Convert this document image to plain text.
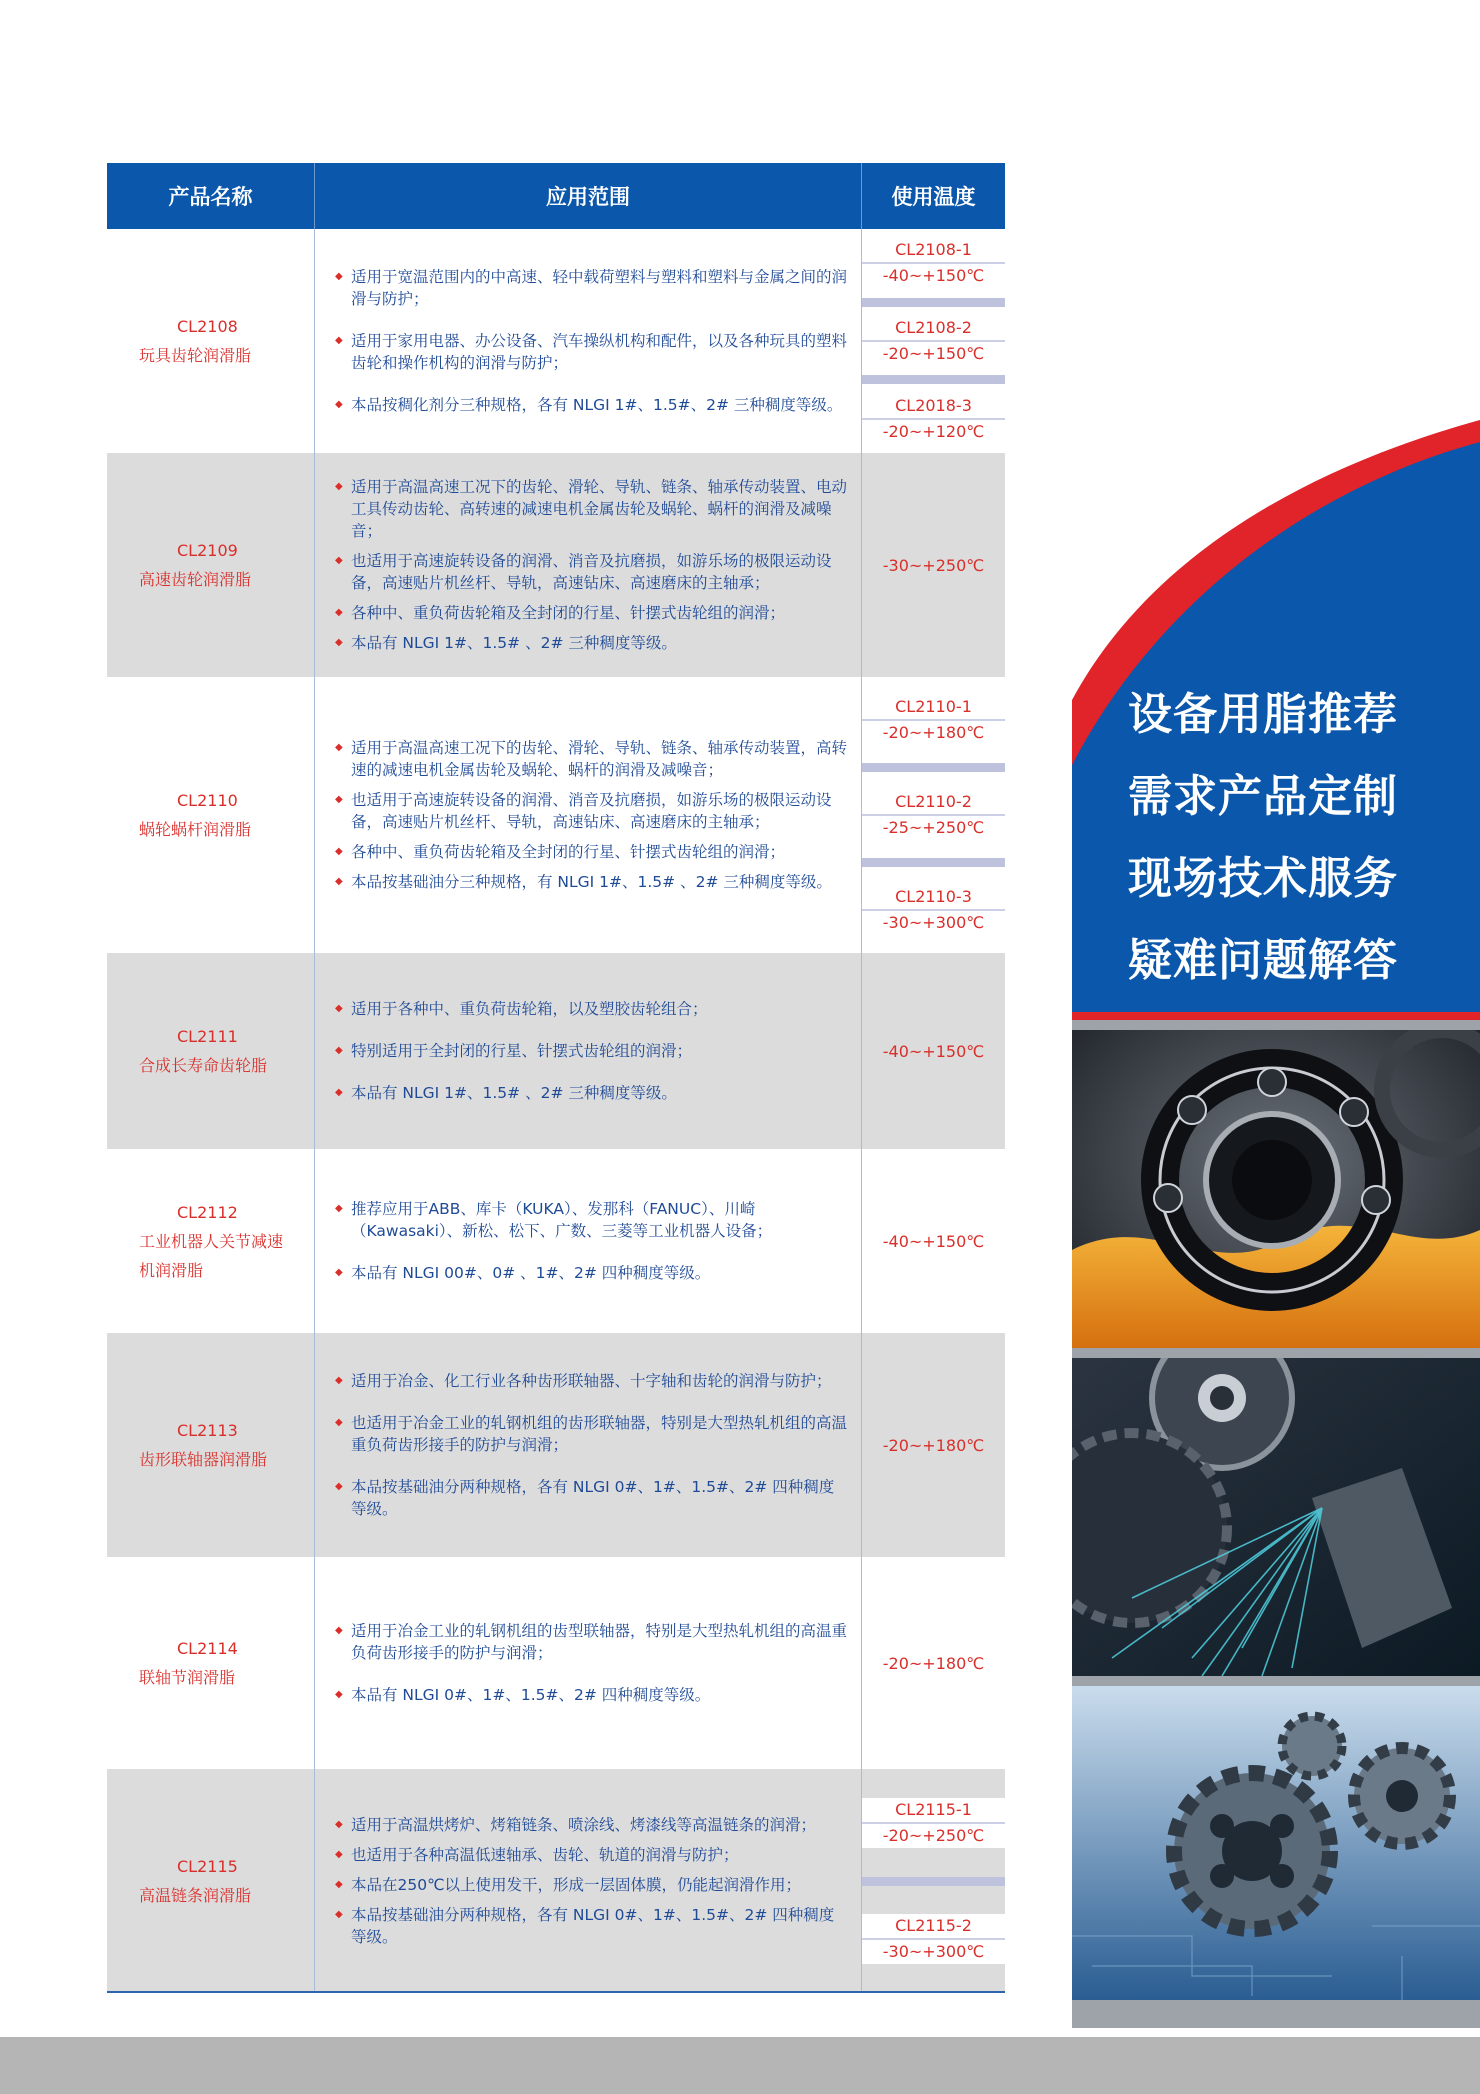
产品名称	应用范围	使用温度
CL2108
玩具齿轮润滑脂
◆ 适用于宽温范围内的中高速、轻中载荷塑料与塑料和塑料与金属之间的润滑与防护；
◆ 适用于家用电器、办公设备、汽车操纵机构和配件，以及各种玩具的塑料齿轮和操作机构的润滑与防护；
◆ 本品按稠化剂分三种规格，各有 NLGI 1#、1.5#、2# 三种稠度等级。
CL2108-1
-40~+150℃
CL2108-2
-20~+150℃
CL2018-3
-20~+120℃
CL2109
高速齿轮润滑脂
◆ 适用于高温高速工况下的齿轮、滑轮、导轨、链条、轴承传动装置、电动工具传动齿轮、高转速的减速电机金属齿轮及蜗轮、蜗杆的润滑及减噪音；
◆ 也适用于高速旋转设备的润滑、消音及抗磨损，如游乐场的极限运动设备，高速贴片机丝杆、导轨，高速钻床、高速磨床的主轴承；
◆ 各种中、重负荷齿轮箱及全封闭的行星、针摆式齿轮组的润滑；
◆ 本品有 NLGI 1#、1.5# 、2# 三种稠度等级。
-30~+250℃
CL2110
蜗轮蜗杆润滑脂
◆ 适用于高温高速工况下的齿轮、滑轮、导轨、链条、轴承传动装置，高转速的减速电机金属齿轮及蜗轮、蜗杆的润滑及减噪音；
◆ 也适用于高速旋转设备的润滑、消音及抗磨损，如游乐场的极限运动设备，高速贴片机丝杆、导轨，高速钻床、高速磨床的主轴承；
◆ 各种中、重负荷齿轮箱及全封闭的行星、针摆式齿轮组的润滑；
◆ 本品按基础油分三种规格，有 NLGI 1#、1.5# 、2# 三种稠度等级。
CL2110-1
-20~+180℃
CL2110-2
-25~+250℃
CL2110-3
-30~+300℃
CL2111
合成长寿命齿轮脂
◆ 适用于各种中、重负荷齿轮箱，以及塑胶齿轮组合；
◆ 特别适用于全封闭的行星、针摆式齿轮组的润滑；
◆ 本品有 NLGI 1#、1.5# 、2# 三种稠度等级。
-40~+150℃
CL2112
工业机器人关节减速机润滑脂
◆ 推荐应用于ABB、库卡（KUKA）、发那科（FANUC）、川崎（Kawasaki）、新松、松下、广数、三菱等工业机器人设备；
◆ 本品有 NLGI 00#、0# 、1#、2# 四种稠度等级。
-40~+150℃
CL2113
齿形联轴器润滑脂
◆ 适用于冶金、化工行业各种齿形联轴器、十字轴和齿轮的润滑与防护；
◆ 也适用于冶金工业的轧钢机组的齿形联轴器，特别是大型热轧机组的高温重负荷齿形接手的防护与润滑；
◆ 本品按基础油分两种规格，各有 NLGI 0#、1#、1.5#、2# 四种稠度等级。
-20~+180℃
CL2114
联轴节润滑脂
◆ 适用于冶金工业的轧钢机组的齿型联轴器，特别是大型热轧机组的高温重负荷齿形接手的防护与润滑；
◆ 本品有 NLGI 0#、1#、1.5#、2# 四种稠度等级。
-20~+180℃
CL2115
高温链条润滑脂
◆ 适用于高温烘烤炉、烤箱链条、喷涂线、烤漆线等高温链条的润滑；
◆ 也适用于各种高温低速轴承、齿轮、轨道的润滑与防护；
◆ 本品在250℃以上使用发干，形成一层固体膜，仍能起润滑作用；
◆ 本品按基础油分两种规格，各有 NLGI 0#、1#、1.5#、2# 四种稠度等级。
CL2115-1
-20~+250℃
CL2115-2
-30~+300℃
设备用脂推荐
需求产品定制
现场技术服务
疑难问题解答
